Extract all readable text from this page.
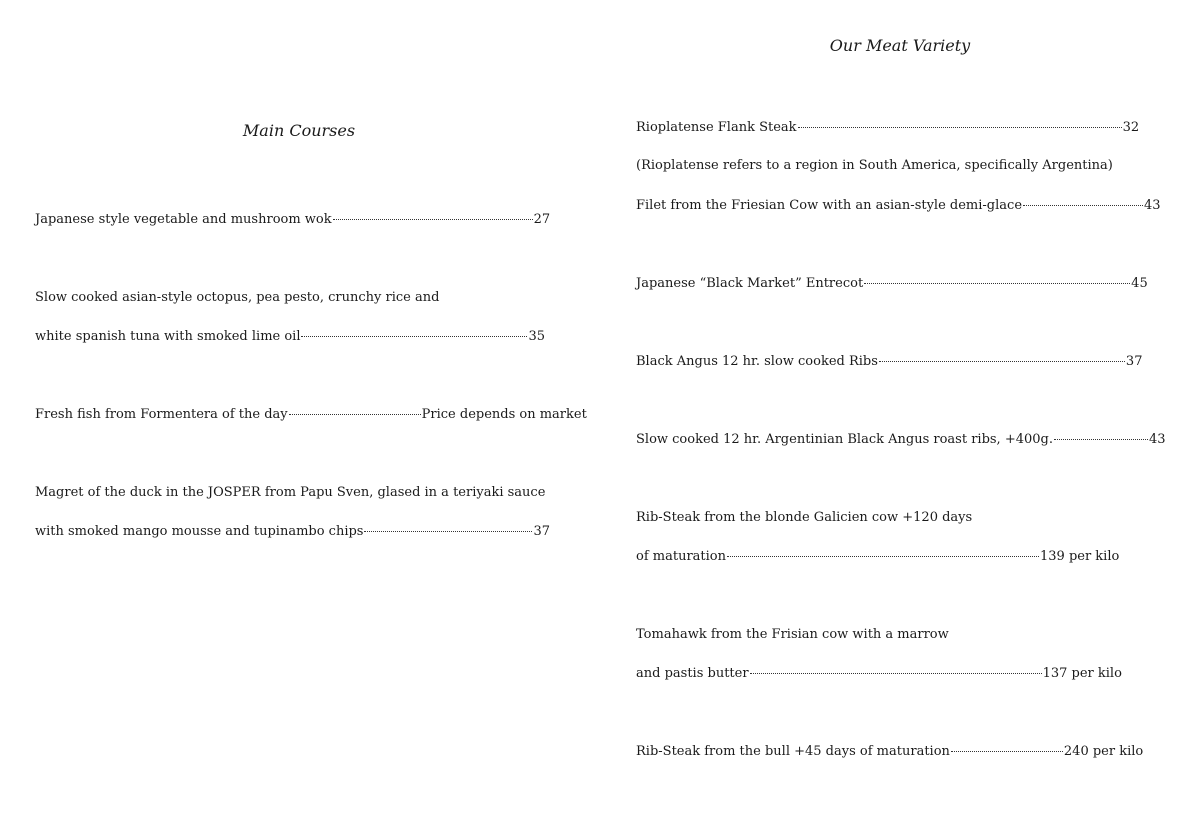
Main Courses
Japanese style vegetable and mushroom wok	27
Slow cooked asian-style octopus, pea pesto, crunchy rice and
white spanish tuna with smoked lime oil	35
Fresh fish from Formentera of the day	Price depends on market
Magret of the duck in the JOSPER from Papu Sven, glased in a teriyaki sauce
with smoked mango mousse and tupinambo chips	37
Our Meat Variety
Rioplatense Flank Steak	32
(Rioplatense refers to a region in South America, specifically Argentina)
Filet from the Friesian Cow with an asian-style demi-glace	43
Japanese “Black Market” Entrecot	45
Black Angus 12 hr. slow cooked Ribs	37
Slow cooked 12 hr. Argentinian Black Angus roast ribs, +400g.	43
Rib-Steak from the blonde Galicien cow +120 days
of maturation	139 per kilo
Tomahawk from the Frisian cow with a marrow
and pastis butter	137 per kilo
Rib-Steak from the bull +45 days of maturation	240 per kilo
